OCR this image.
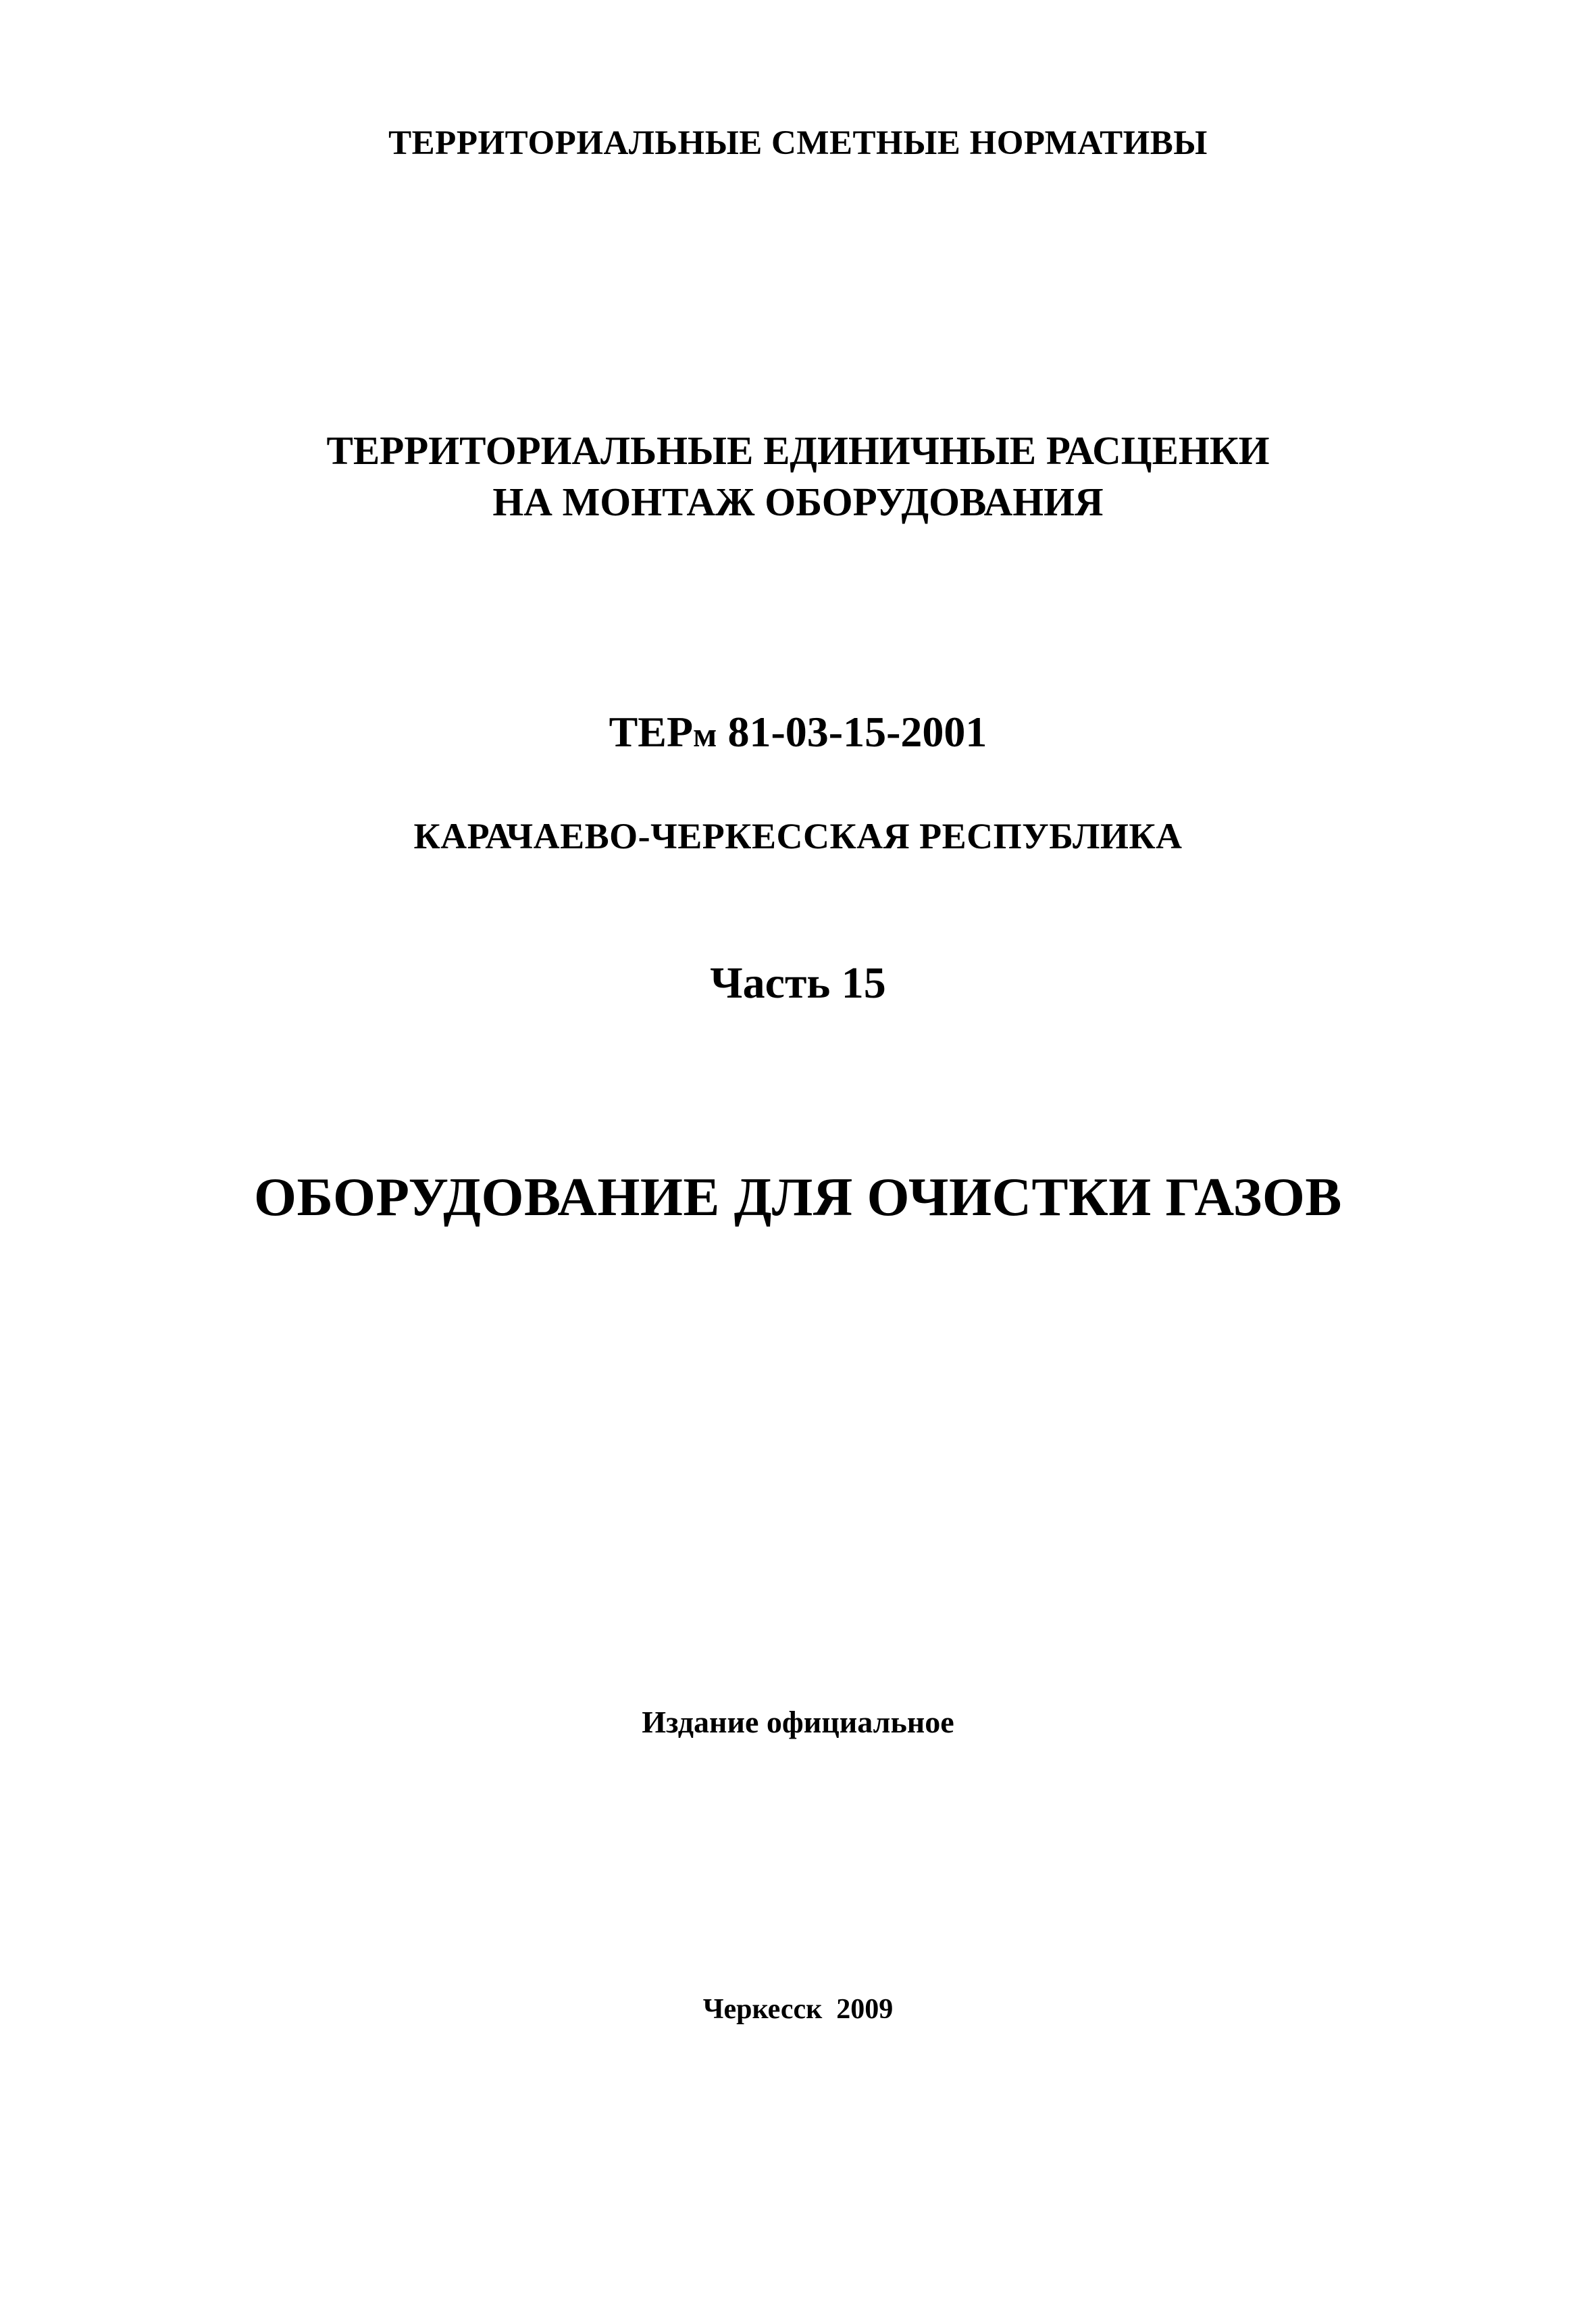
ТЕРРИТОРИАЛЬНЫЕ СМЕТНЫЕ НОРМАТИВЫ
ТЕРРИТОРИАЛЬНЫЕ ЕДИНИЧНЫЕ РАСЦЕНКИ
НА МОНТАЖ ОБОРУДОВАНИЯ
ТЕРм 81-03-15-2001
КАРАЧАЕВО-ЧЕРКЕССКАЯ РЕСПУБЛИКА
Часть 15
ОБОРУДОВАНИЕ ДЛЯ ОЧИСТКИ ГАЗОВ
Издание официальное
Черкесск  2009
